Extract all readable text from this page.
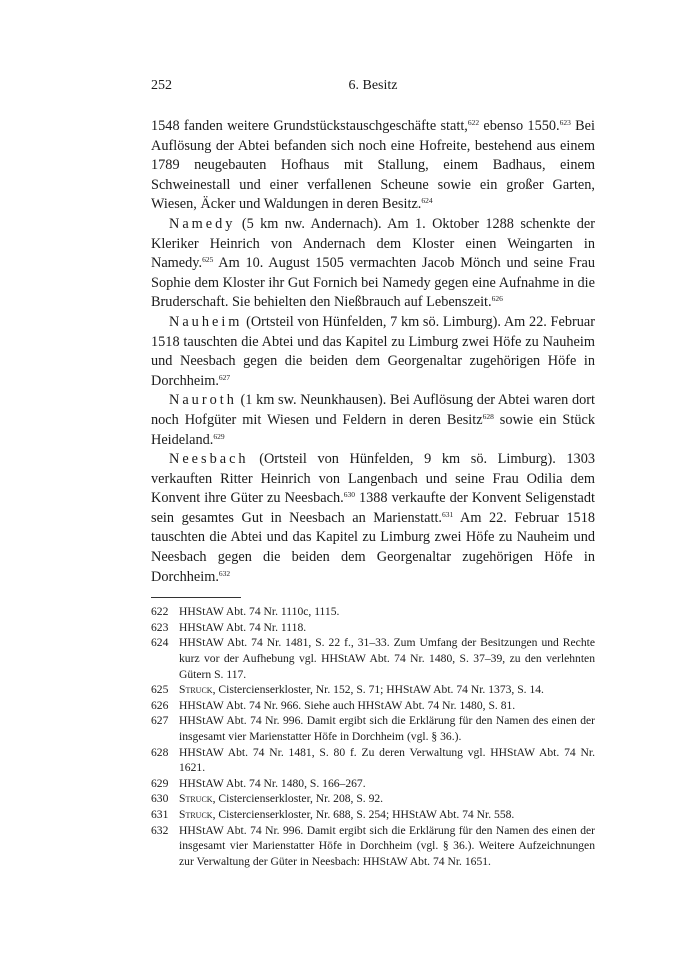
252	6. Besitz

1548 fanden weitere Grundstückstauschgeschäfte statt,$^{622}$ ebenso 1550.$^{623}$ Bei Auflösung der Abtei befanden sich noch eine Hofreite, bestehend aus einem 1789 neugebauten Hofhaus mit Stallung, einem Badhaus, einem Schweinestall und einer verfallenen Scheune sowie ein großer Garten, Wiesen, Äcker und Waldungen in deren Besitz.$^{624}$

Namedy (5 km nw. Andernach). Am 1. Oktober 1288 schenkte der Kleriker Heinrich von Andernach dem Kloster einen Weingarten in Namedy.$^{625}$ Am 10. August 1505 vermachten Jacob Mönch und seine Frau Sophie dem Kloster ihr Gut Fornich bei Namedy gegen eine Aufnahme in die Bruderschaft. Sie behielten den Nießbrauch auf Lebenszeit.$^{626}$

Nauheim (Ortsteil von Hünfelden, 7 km sö. Limburg). Am 22. Februar 1518 tauschten die Abtei und das Kapitel zu Limburg zwei Höfe zu Nauheim und Neesbach gegen die beiden dem Georgenaltar zugehörigen Höfe in Dorchheim.$^{627}$

Nauroth (1 km sw. Neunkhausen). Bei Auflösung der Abtei waren dort noch Hofgüter mit Wiesen und Feldern in deren Besitz$^{628}$ sowie ein Stück Heideland.$^{629}$

Neesbach (Ortsteil von Hünfelden, 9 km sö. Limburg). 1303 verkauften Ritter Heinrich von Langenbach und seine Frau Odilia dem Konvent ihre Güter zu Neesbach.$^{630}$ 1388 verkaufte der Konvent Seligenstadt sein gesamtes Gut in Neesbach an Marienstatt.$^{631}$ Am 22. Februar 1518 tauschten die Abtei und das Kapitel zu Limburg zwei Höfe zu Nauheim und Neesbach gegen die beiden dem Georgenaltar zugehörigen Höfe in Dorchheim.$^{632}$

622 HHStAW Abt. 74 Nr. 1110c, 1115.
623 HHStAW Abt. 74 Nr. 1118.
624 HHStAW Abt. 74 Nr. 1481, S. 22 f., 31–33. Zum Umfang der Besitzungen und Rechte kurz vor der Aufhebung vgl. HHStAW Abt. 74 Nr. 1480, S. 37–39, zu den verlehnten Gütern S. 117.
625 Struck, Cistercienserkloster, Nr. 152, S. 71; HHStAW Abt. 74 Nr. 1373, S. 14.
626 HHStAW Abt. 74 Nr. 966. Siehe auch HHStAW Abt. 74 Nr. 1480, S. 81.
627 HHStAW Abt. 74 Nr. 996. Damit ergibt sich die Erklärung für den Namen des einen der insgesamt vier Marienstatter Höfe in Dorchheim (vgl. § 36.).
628 HHStAW Abt. 74 Nr. 1481, S. 80 f. Zu deren Verwaltung vgl. HHStAW Abt. 74 Nr. 1621.
629 HHStAW Abt. 74 Nr. 1480, S. 166–267.
630 Struck, Cistercienserkloster, Nr. 208, S. 92.
631 Struck, Cistercienserkloster, Nr. 688, S. 254; HHStAW Abt. 74 Nr. 558.
632 HHStAW Abt. 74 Nr. 996. Damit ergibt sich die Erklärung für den Namen des einen der insgesamt vier Marienstatter Höfe in Dorchheim (vgl. § 36.). Weitere Aufzeichnungen zur Verwaltung der Güter in Neesbach: HHStAW Abt. 74 Nr. 1651.
